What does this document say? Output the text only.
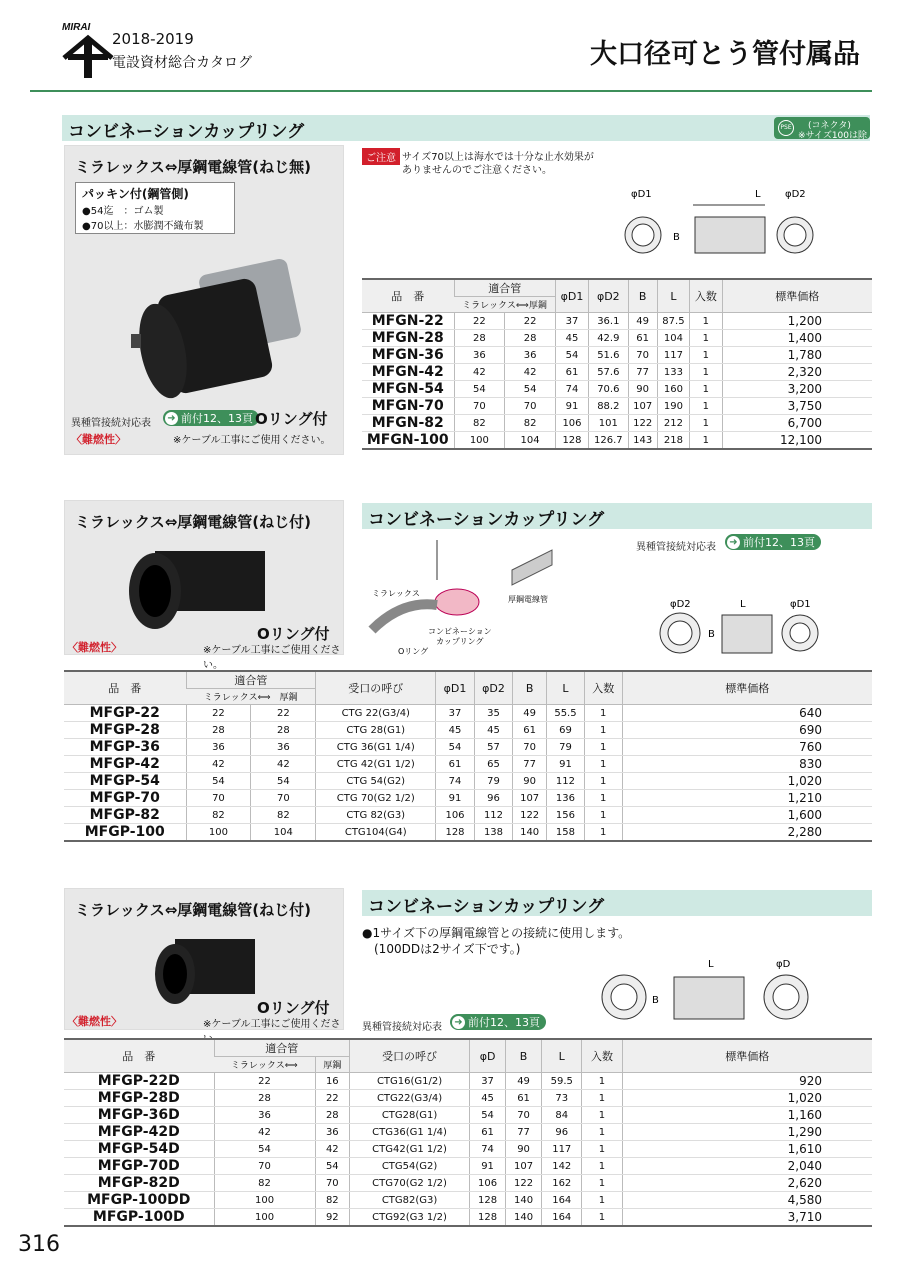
MIRAI
2018-2019
電設資材総合カタログ	大口径可とう管付属品
コンビネーションカップリング	PSE (コネクタ)
※サイズ100は除く
ミラレックス⇔厚鋼電線管(ねじ無)
パッキン付(鋼管側)
●54迄　：ゴム製
●70以上：水膨潤不織布製
異種管接続対応表 ➜ 前付12、13頁 Oリング付
〈難燃性〉	※ケーブル工事にご使用ください。
ご注意 サイズ70以上は海水では十分な止水効果が
ありませんのでご注意ください。
φD1	L φD2
B
品　番	適合管		φD1	φD2	B	L	入数	標準価格
	ミラレックス⟺厚鋼							
MFGN-22	22	22	37	36.1	49	87.5	1	1,200
MFGN-28	28	28	45	42.9	61	104	1	1,400
MFGN-36	36	36	54	51.6	70	117	1	1,780
MFGN-42	42	42	61	57.6	77	133	1	2,320
MFGN-54	54	54	74	70.6	90	160	1	3,200
MFGN-70	70	70	91	88.2	107	190	1	3,750
MFGN-82	82	82	106	101	122	212	1	6,700
MFGN-100	100	104	128	126.7	143	218	1	12,100
ミラレックス⇔厚鋼電線管(ねじ付)
Oリング付
〈難燃性〉	※ケーブル工事にご使用ください。
コンビネーションカップリング
異種管接続対応表 ➜ 前付12、13頁
ミラレックス
厚鋼電線管
コンビネーション
カップリング
Oリング
φD2	L	φD1
B
品　番	適合管		受口の呼び	φD1	φD2	B	L	入数	標準価格
	ミラレックス⟺　厚鋼								
MFGP-22	22	22	CTG 22(G3/4)	37	35	49	55.5	1	640
MFGP-28	28	28	CTG 28(G1)	45	45	61	69	1	690
MFGP-36	36	36	CTG 36(G1 1/4)	54	57	70	79	1	760
MFGP-42	42	42	CTG 42(G1 1/2)	61	65	77	91	1	830
MFGP-54	54	54	CTG 54(G2)	74	79	90	112	1	1,020
MFGP-70	70	70	CTG 70(G2 1/2)	91	96	107	136	1	1,210
MFGP-82	82	82	CTG 82(G3)	106	112	122	156	1	1,600
MFGP-100	100	104	CTG104(G4)	128	138	140	158	1	2,280
ミラレックス⇔厚鋼電線管(ねじ付)
Oリング付
〈難燃性〉	※ケーブル工事にご使用くださ
コンビネーションカップリング
●1サイズ下の厚鋼電線管との接続に使用します。
(100DDは2サイズ下です。)
異種管接続対応表 ➜ 前付12、13頁
L	φD
B
品　番	適合管		受口の呼び	φD	B	L	入数	標準価格
	ミラレックス⟺	厚鋼						
MFGP-22D	22	16	CTG16(G1/2)	37	49	59.5	1	920
MFGP-28D	28	22	CTG22(G3/4)	45	61	73	1	1,020
MFGP-36D	36	28	CTG28(G1)	54	70	84	1	1,160
MFGP-42D	42	36	CTG36(G1 1/4)	61	77	96	1	1,290
MFGP-54D	54	42	CTG42(G1 1/2)	74	90	117	1	1,610
MFGP-70D	70	54	CTG54(G2)	91	107	142	1	2,040
MFGP-82D	82	70	CTG70(G2 1/2)	106	122	162	1	2,620
MFGP-100DD	100	82	CTG82(G3)	128	140	164	1	4,580
MFGP-100D	100	92	CTG92(G3 1/2)	128	140	164	1	3,710
316
